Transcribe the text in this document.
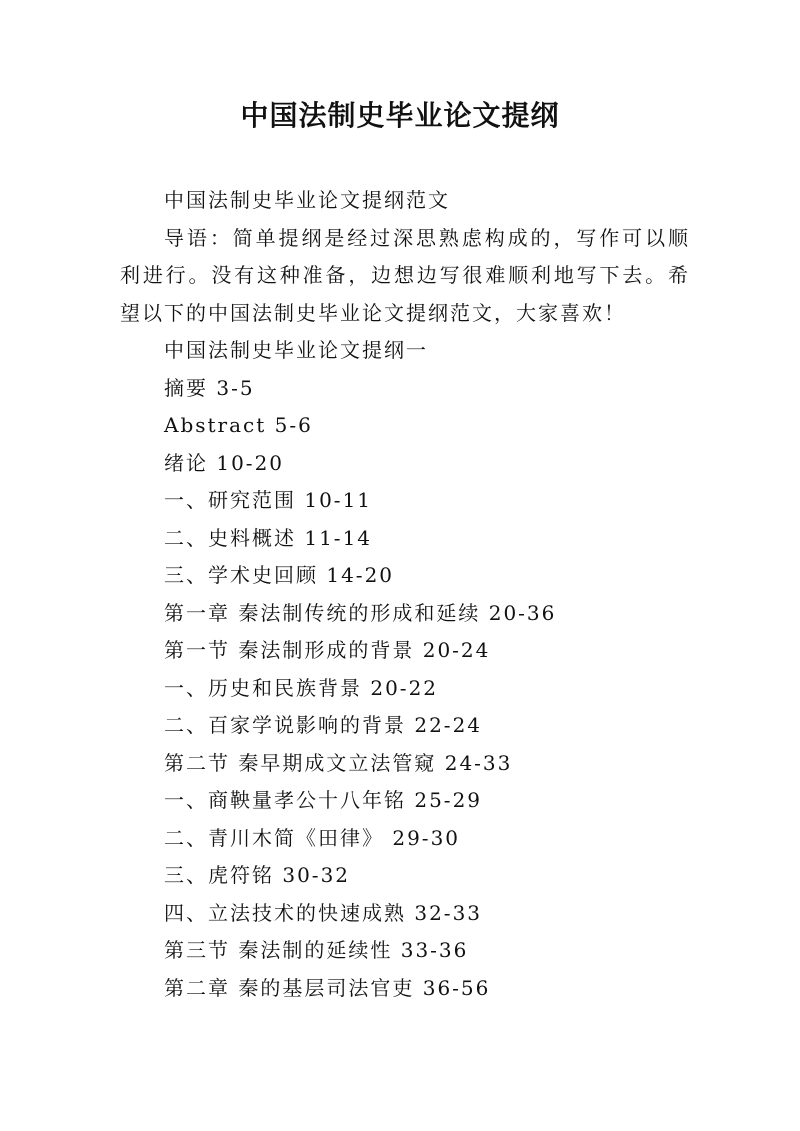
中国法制史毕业论文提纲

中国法制史毕业论文提纲范文

导语：简单提纲是经过深思熟虑构成的，写作可以顺利进行。没有这种准备，边想边写很难顺利地写下去。希望以下的中国法制史毕业论文提纲范文，大家喜欢！

中国法制史毕业论文提纲一

摘要 3-5

Abstract 5-6

绪论 10-20

一、研究范围 10-11

二、史料概述 11-14

三、学术史回顾 14-20

第一章 秦法制传统的形成和延续 20-36

第一节 秦法制形成的背景 20-24

一、历史和民族背景 20-22

二、百家学说影响的背景 22-24

第二节 秦早期成文立法管窥 24-33

一、商鞅量孝公十八年铭 25-29

二、青川木简《田律》 29-30

三、虎符铭 30-32

四、立法技术的快速成熟 32-33

第三节 秦法制的延续性 33-36

第二章 秦的基层司法官吏 36-56
